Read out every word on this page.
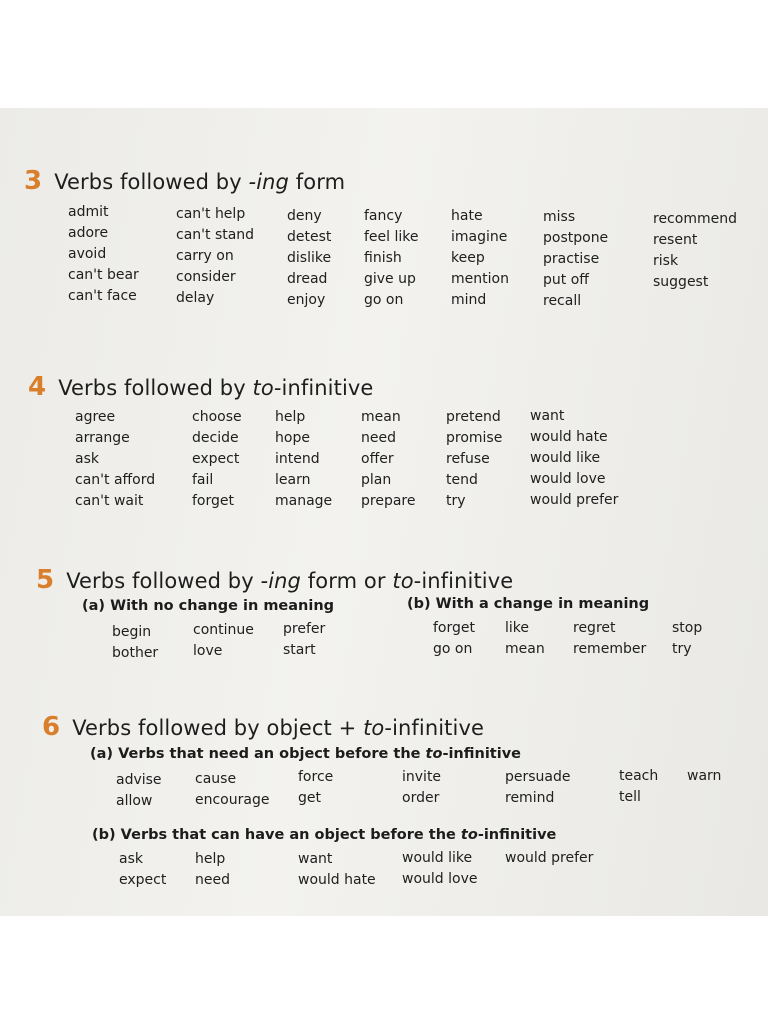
3 Verbs followed by -ing form
admit
adore
avoid
can't bear
can't face
can't help
can't stand
carry on
consider
delay
deny
detest
dislike
dread
enjoy
fancy
feel like
finish
give up
go on
hate
imagine
keep
mention
mind
miss
postpone
practise
put off
recall
recommend
resent
risk
suggest
4 Verbs followed by to-infinitive
agree
arrange
ask
can't afford
can't wait
choose
decide
expect
fail
forget
help
hope
intend
learn
manage
mean
need
offer
plan
prepare
pretend
promise
refuse
tend
try
want
would hate
would like
would love
would prefer
5 Verbs followed by -ing form or to-infinitive
(a) With no change in meaning	(b) With a change in meaning
begin
bother
continue
love
prefer
start
forget
go on
like
mean
regret
remember
stop
try
6 Verbs followed by object + to-infinitive
(a) Verbs that need an object before the to-infinitive
advise
allow
cause
encourage
force
get
invite
order
persuade
remind
teach
tell
warn
(b) Verbs that can have an object before the to-infinitive
ask
expect
help
need
want
would hate
would like
would love
would prefer
